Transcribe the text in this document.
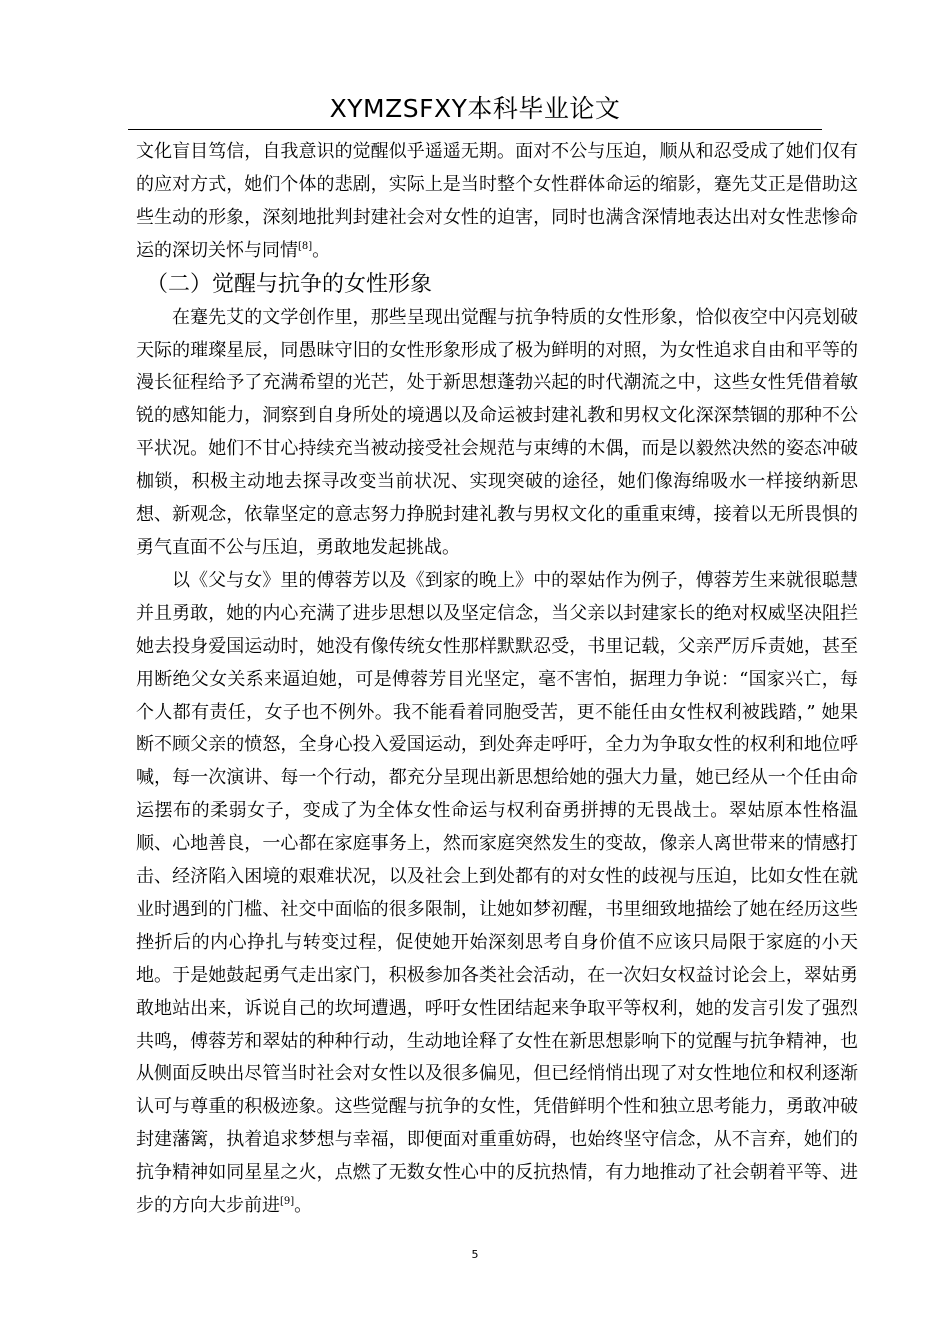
XYMZSFXY本科毕业论文

文化盲目笃信，自我意识的觉醒似乎遥遥无期。面对不公与压迫，顺从和忍受成了她们仅有的应对方式，她们个体的悲剧，实际上是当时整个女性群体命运的缩影，蹇先艾正是借助这些生动的形象，深刻地批判封建社会对女性的迫害，同时也满含深情地表达出对女性悲惨命运的深切关怀与同情[8]。

（二）觉醒与抗争的女性形象

在蹇先艾的文学创作里，那些呈现出觉醒与抗争特质的女性形象，恰似夜空中闪亮划破天际的璀璨星辰，同愚昧守旧的女性形象形成了极为鲜明的对照，为女性追求自由和平等的漫长征程给予了充满希望的光芒，处于新思想蓬勃兴起的时代潮流之中，这些女性凭借着敏锐的感知能力，洞察到自身所处的境遇以及命运被封建礼教和男权文化深深禁锢的那种不公平状况。她们不甘心持续充当被动接受社会规范与束缚的木偶，而是以毅然决然的姿态冲破枷锁，积极主动地去探寻改变当前状况、实现突破的途径，她们像海绵吸水一样接纳新思想、新观念，依靠坚定的意志努力挣脱封建礼教与男权文化的重重束缚，接着以无所畏惧的勇气直面不公与压迫，勇敢地发起挑战。

以《父与女》里的傅蓉芳以及《到家的晚上》中的翠姑作为例子，傅蓉芳生来就很聪慧并且勇敢，她的内心充满了进步思想以及坚定信念，当父亲以封建家长的绝对权威坚决阻拦她去投身爱国运动时，她没有像传统女性那样默默忍受，书里记载，父亲严厉斥责她，甚至用断绝父女关系来逼迫她，可是傅蓉芳目光坚定，毫不害怕，据理力争说：“国家兴亡，每个人都有责任，女子也不例外。我不能看着同胞受苦，更不能任由女性权利被践踏，” 她果断不顾父亲的愤怒，全身心投入爱国运动，到处奔走呼吁，全力为争取女性的权利和地位呼喊，每一次演讲、每一个行动，都充分呈现出新思想给她的强大力量，她已经从一个任由命运摆布的柔弱女子，变成了为全体女性命运与权利奋勇拼搏的无畏战士。翠姑原本性格温顺、心地善良，一心都在家庭事务上，然而家庭突然发生的变故，像亲人离世带来的情感打击、经济陷入困境的艰难状况，以及社会上到处都有的对女性的歧视与压迫，比如女性在就业时遇到的门槛、社交中面临的很多限制，让她如梦初醒，书里细致地描绘了她在经历这些挫折后的内心挣扎与转变过程，促使她开始深刻思考自身价值不应该只局限于家庭的小天地。于是她鼓起勇气走出家门，积极参加各类社会活动，在一次妇女权益讨论会上，翠姑勇敢地站出来，诉说自己的坎坷遭遇，呼吁女性团结起来争取平等权利，她的发言引发了强烈共鸣，傅蓉芳和翠姑的种种行动，生动地诠释了女性在新思想影响下的觉醒与抗争精神，也从侧面反映出尽管当时社会对女性以及很多偏见，但已经悄悄出现了对女性地位和权利逐渐认可与尊重的积极迹象。这些觉醒与抗争的女性，凭借鲜明个性和独立思考能力，勇敢冲破封建藩篱，执着追求梦想与幸福，即便面对重重妨碍，也始终坚守信念，从不言弃，她们的抗争精神如同星星之火，点燃了无数女性心中的反抗热情，有力地推动了社会朝着平等、进步的方向大步前进[9]。

5
